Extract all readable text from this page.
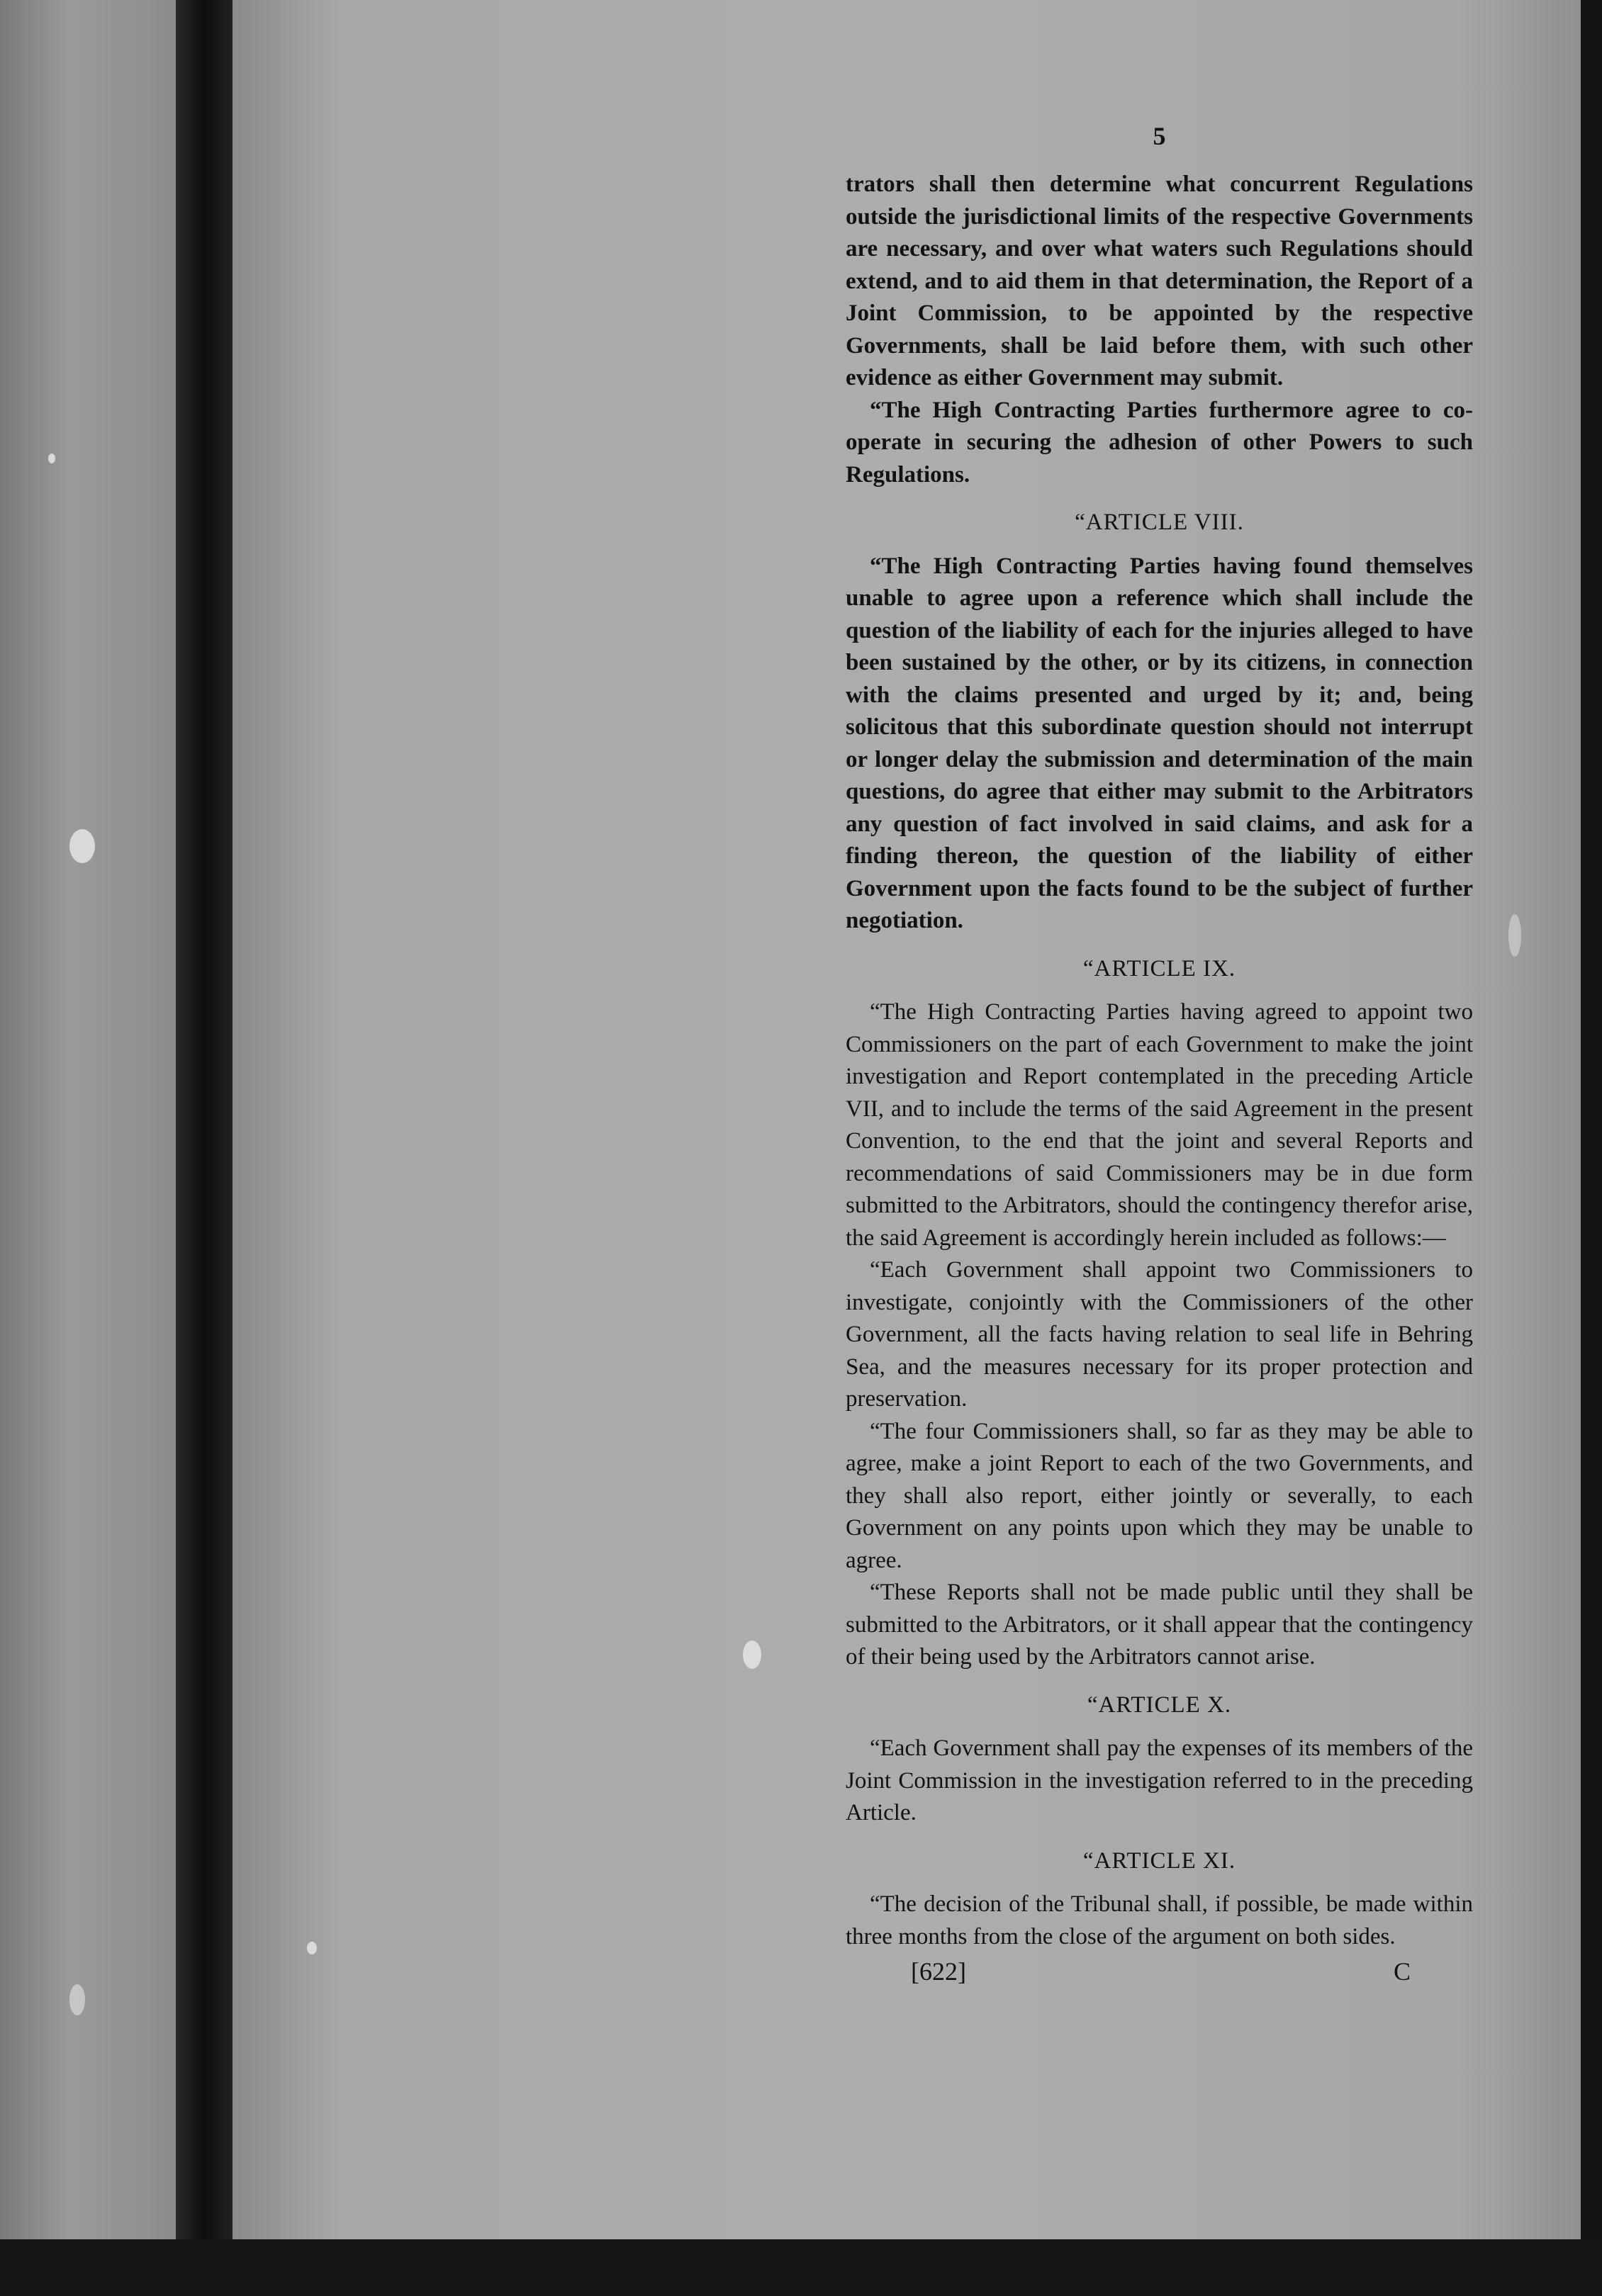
5

trators shall then determine what concurrent Regulations outside the jurisdictional limits of the respective Governments are necessary, and over what waters such Regulations should extend, and to aid them in that determination, the Report of a Joint Commission, to be appointed by the respective Governments, shall be laid before them, with such other evidence as either Government may submit.

“The High Contracting Parties furthermore agree to co-operate in securing the adhesion of other Powers to such Regulations.

“ARTICLE VIII.

“The High Contracting Parties having found themselves unable to agree upon a reference which shall include the question of the liability of each for the injuries alleged to have been sustained by the other, or by its citizens, in connection with the claims presented and urged by it; and, being solicitous that this subordinate question should not interrupt or longer delay the submission and determination of the main questions, do agree that either may submit to the Arbitrators any question of fact involved in said claims, and ask for a finding thereon, the question of the liability of either Government upon the facts found to be the subject of further negotiation.

“ARTICLE IX.

“The High Contracting Parties having agreed to appoint two Commissioners on the part of each Government to make the joint investigation and Report contemplated in the preceding Article VII, and to include the terms of the said Agreement in the present Convention, to the end that the joint and several Reports and recommendations of said Commissioners may be in due form submitted to the Arbitrators, should the contingency therefor arise, the said Agreement is accordingly herein included as follows:—

“Each Government shall appoint two Commissioners to investigate, conjointly with the Commissioners of the other Government, all the facts having relation to seal life in Behring Sea, and the measures necessary for its proper protection and preservation.

“The four Commissioners shall, so far as they may be able to agree, make a joint Report to each of the two Governments, and they shall also report, either jointly or severally, to each Government on any points upon which they may be unable to agree.

“These Reports shall not be made public until they shall be submitted to the Arbitrators, or it shall appear that the contingency of their being used by the Arbitrators cannot arise.

“ARTICLE X.

“Each Government shall pay the expenses of its members of the Joint Commission in the investigation referred to in the preceding Article.

“ARTICLE XI.

“The decision of the Tribunal shall, if possible, be made within three months from the close of the argument on both sides.

[622]	C
